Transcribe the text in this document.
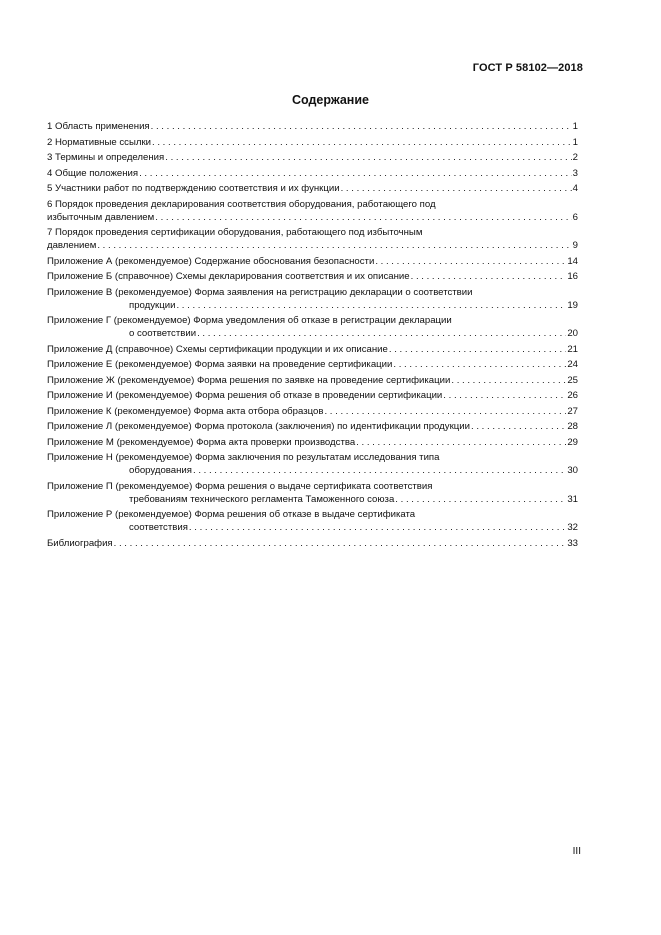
ГОСТ Р 58102—2018
Содержание
1 Область применения . . .	1
2 Нормативные ссылки . . .	1
3 Термины и определения . . .	2
4 Общие положения . . .	3
5 Участники работ по подтверждению соответствия и их функции . . .	4
6 Порядок проведения декларирования соответствия оборудования, работающего под
избыточным давлением . . .	6
7 Порядок проведения сертификации оборудования, работающего под избыточным
давлением . . .	9
Приложение А (рекомендуемое) Содержание обоснования безопасности . . .	14
Приложение Б (справочное) Схемы декларирования соответствия и их описание . . .	16
Приложение В (рекомендуемое) Форма заявления на регистрацию декларации о соответствии
продукции . . .	19
Приложение Г (рекомендуемое) Форма уведомления об отказе в регистрации декларации
о соответствии . . .	20
Приложение Д (справочное) Схемы сертификации продукции и их описание . . .	21
Приложение Е (рекомендуемое) Форма заявки на проведение сертификации . . .	24
Приложение Ж (рекомендуемое) Форма решения по заявке на проведение сертификации . . .	25
Приложение И (рекомендуемое) Форма решения об отказе в проведении сертификации . . .	26
Приложение К (рекомендуемое) Форма акта отбора образцов . . .	27
Приложение Л (рекомендуемое) Форма протокола (заключения) по идентификации продукции . . .	28
Приложение М (рекомендуемое) Форма акта проверки производства . . .	29
Приложение Н (рекомендуемое) Форма заключения по результатам исследования типа
оборудования . . .	30
Приложение П (рекомендуемое) Форма решения о выдаче сертификата соответствия
требованиям технического регламента Таможенного союза . . .	31
Приложение Р (рекомендуемое) Форма решения об отказе в выдаче сертификата
соответствия . . .	32
Библиография . . .	33
III
